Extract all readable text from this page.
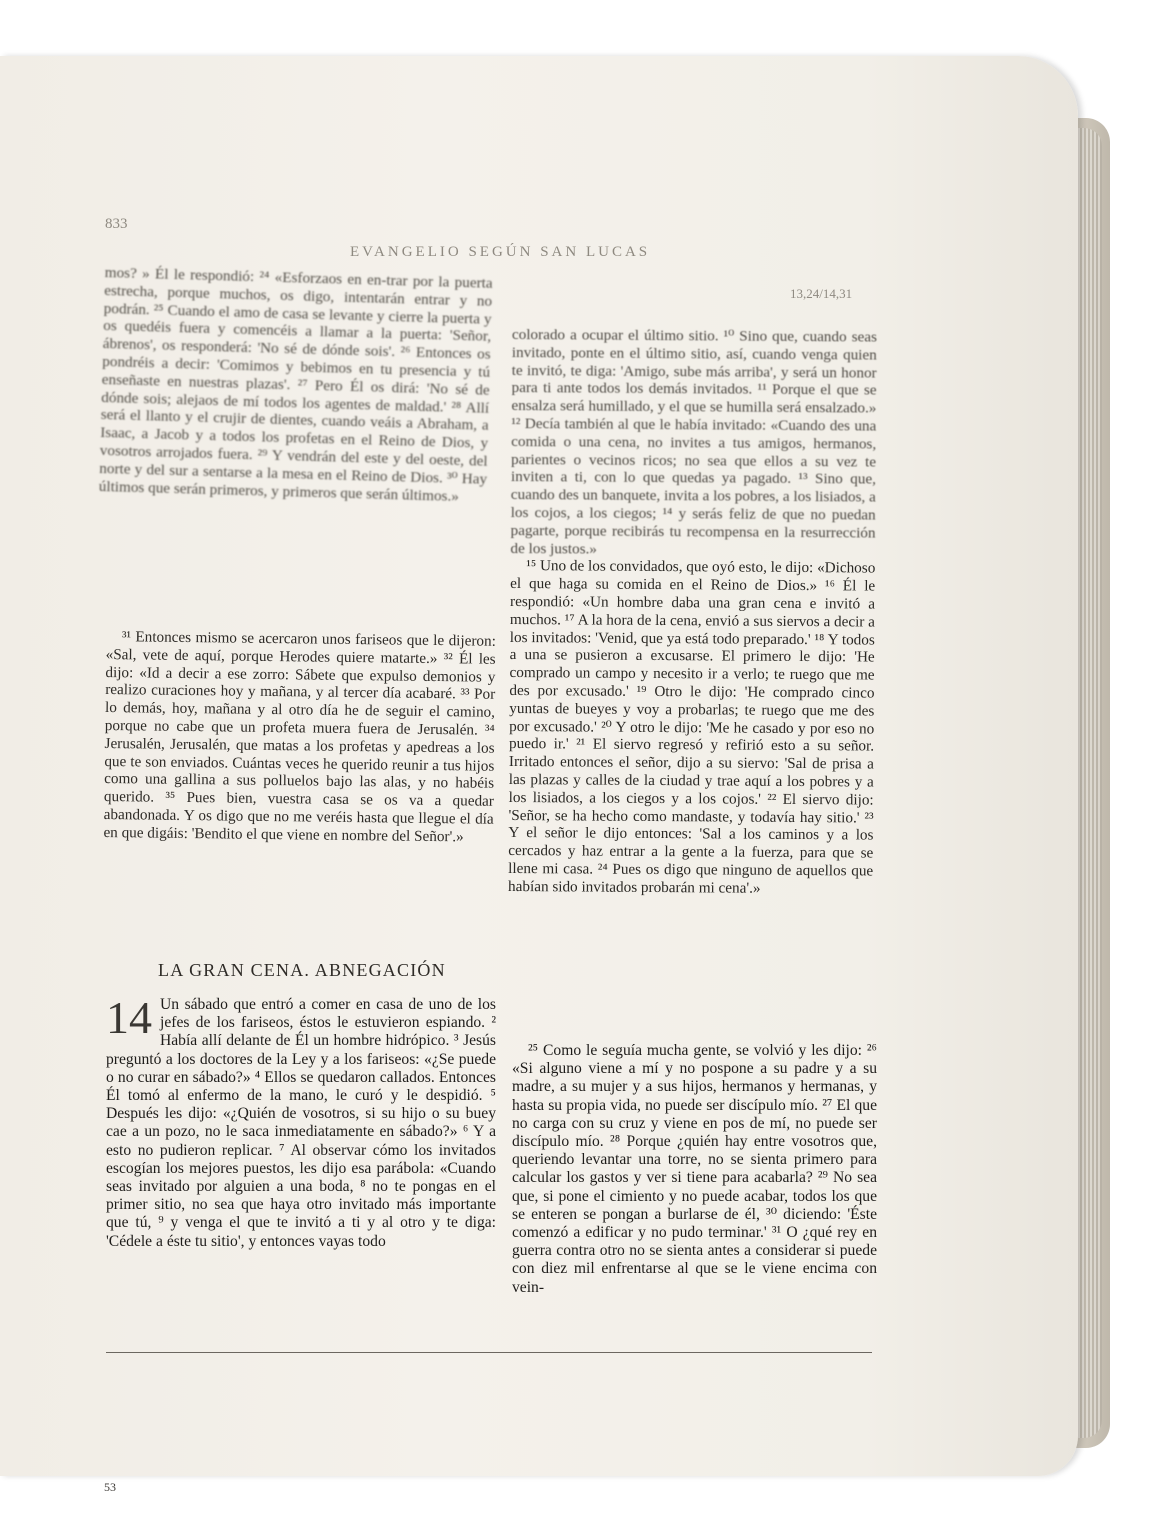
833
EVANGELIO SEGÚN SAN LUCAS
13,24/14,31

mos? » Él le respondió: ²⁴ «Esforzaos en en-trar por la puerta estrecha, porque muchos, os digo, intentarán entrar y no podrán. ²⁵ Cuando el amo de casa se levante y cierre la puerta y os quedéis fuera y comencéis a llamar a la puerta: 'Señor, ábrenos', os responderá: 'No sé de dónde sois'. ²⁶ Entonces os pondréis a decir: 'Comimos y bebimos en tu presencia y tú enseñaste en nuestras plazas'. ²⁷ Pero Él os dirá: 'No sé de dónde sois; alejaos de mí todos los agentes de maldad.' ²⁸ Allí será el llanto y el crujir de dientes, cuando veáis a Abraham, a Isaac, a Jacob y a todos los profetas en el Reino de Dios, y vosotros arrojados fuera. ²⁹ Y vendrán del este y del oeste, del norte y del sur a sentarse a la mesa en el Reino de Dios. ³⁰ Hay últimos que serán primeros, y primeros que serán últimos.»

³¹ Entonces mismo se acercaron unos fariseos que le dijeron: «Sal, vete de aquí, porque Herodes quiere matarte.» ³² Él les dijo: «Id a decir a ese zorro: Sábete que expulso demonios y realizo curaciones hoy y mañana, y al tercer día acabaré. ³³ Por lo demás, hoy, mañana y al otro día he de seguir el camino, porque no cabe que un profeta muera fuera de Jerusalén. ³⁴ Jerusalén, Jerusalén, que matas a los profetas y apedreas a los que te son enviados. Cuántas veces he querido reunir a tus hijos como una gallina a sus polluelos bajo las alas, y no habéis querido. ³⁵ Pues bien, vuestra casa se os va a quedar abandonada. Y os digo que no me veréis hasta que llegue el día en que digáis: 'Bendito el que viene en nombre del Señor'.»

LA GRAN CENA. ABNEGACIÓN
14 Un sábado que entró a comer en casa de uno de los jefes de los fariseos, éstos le estuvieron espiando. ² Había allí delante de Él un hombre hidrópico. ³ Jesús preguntó a los doctores de la Ley y a los fariseos: «¿Se puede o no curar en sábado?» ⁴ Ellos se quedaron callados. Entonces Él tomó al enfermo de la mano, le curó y le despidió. ⁵ Después les dijo: «¿Quién de vosotros, si su hijo o su buey cae a un pozo, no le saca inmediatamente en sábado?» ⁶ Y a esto no pudieron replicar. ⁷ Al observar cómo los invitados escogían los mejores puestos, les dijo esa parábola: «Cuando seas invitado por alguien a una boda, ⁸ no te pongas en el primer sitio, no sea que haya otro invitado más importante que tú, ⁹ y venga el que te invitó a ti y al otro y te diga: 'Cédele a éste tu sitio', y entonces vayas todo

colorado a ocupar el último sitio. ¹⁰ Sino que, cuando seas invitado, ponte en el último sitio, así, cuando venga quien te invitó, te diga: 'Amigo, sube más arriba', y será un honor para ti ante todos los demás invitados. ¹¹ Porque el que se ensalza será humillado, y el que se humilla será ensalzado.» ¹² Decía también al que le había invitado: «Cuando des una comida o una cena, no invites a tus amigos, hermanos, parientes o vecinos ricos; no sea que ellos a su vez te inviten a ti, con lo que quedas ya pagado. ¹³ Sino que, cuando des un banquete, invita a los pobres, a los lisiados, a los cojos, a los ciegos; ¹⁴ y serás feliz de que no puedan pagarte, porque recibirás tu recompensa en la resurrección de los justos.»

¹⁵ Uno de los convidados, que oyó esto, le dijo: «Dichoso el que haga su comida en el Reino de Dios.» ¹⁶ Él le respondió: «Un hombre daba una gran cena e invitó a muchos. ¹⁷ A la hora de la cena, envió a sus siervos a decir a los invitados: 'Venid, que ya está todo preparado.' ¹⁸ Y todos a una se pusieron a excusarse. El primero le dijo: 'He comprado un campo y necesito ir a verlo; te ruego que me des por excusado.' ¹⁹ Otro le dijo: 'He comprado cinco yuntas de bueyes y voy a probarlas; te ruego que me des por excusado.' ²⁰ Y otro le dijo: 'Me he casado y por eso no puedo ir.' ²¹ El siervo regresó y refirió esto a su señor. Irritado entonces el señor, dijo a su siervo: 'Sal de prisa a las plazas y calles de la ciudad y trae aquí a los pobres y a los lisiados, a los ciegos y a los cojos.' ²² El siervo dijo: 'Señor, se ha hecho como mandaste, y todavía hay sitio.' ²³ Y el señor le dijo entonces: 'Sal a los caminos y a los cercados y haz entrar a la gente a la fuerza, para que se llene mi casa. ²⁴ Pues os digo que ninguno de aquellos que habían sido invitados probarán mi cena'.»

²⁵ Como le seguía mucha gente, se volvió y les dijo: ²⁶ «Si alguno viene a mí y no pospone a su padre y a su madre, a su mujer y a sus hijos, hermanos y hermanas, y hasta su propia vida, no puede ser discípulo mío. ²⁷ El que no carga con su cruz y viene en pos de mí, no puede ser discípulo mío. ²⁸ Porque ¿quién hay entre vosotros que, queriendo levantar una torre, no se sienta primero para calcular los gastos y ver si tiene para acabarla? ²⁹ No sea que, si pone el cimiento y no puede acabar, todos los que se enteren se pongan a burlarse de él, ³⁰ diciendo: 'Éste comenzó a edificar y no pudo terminar.' ³¹ O ¿qué rey en guerra contra otro no se sienta antes a considerar si puede con diez mil enfrentarse al que se le viene encima con vein-

53
